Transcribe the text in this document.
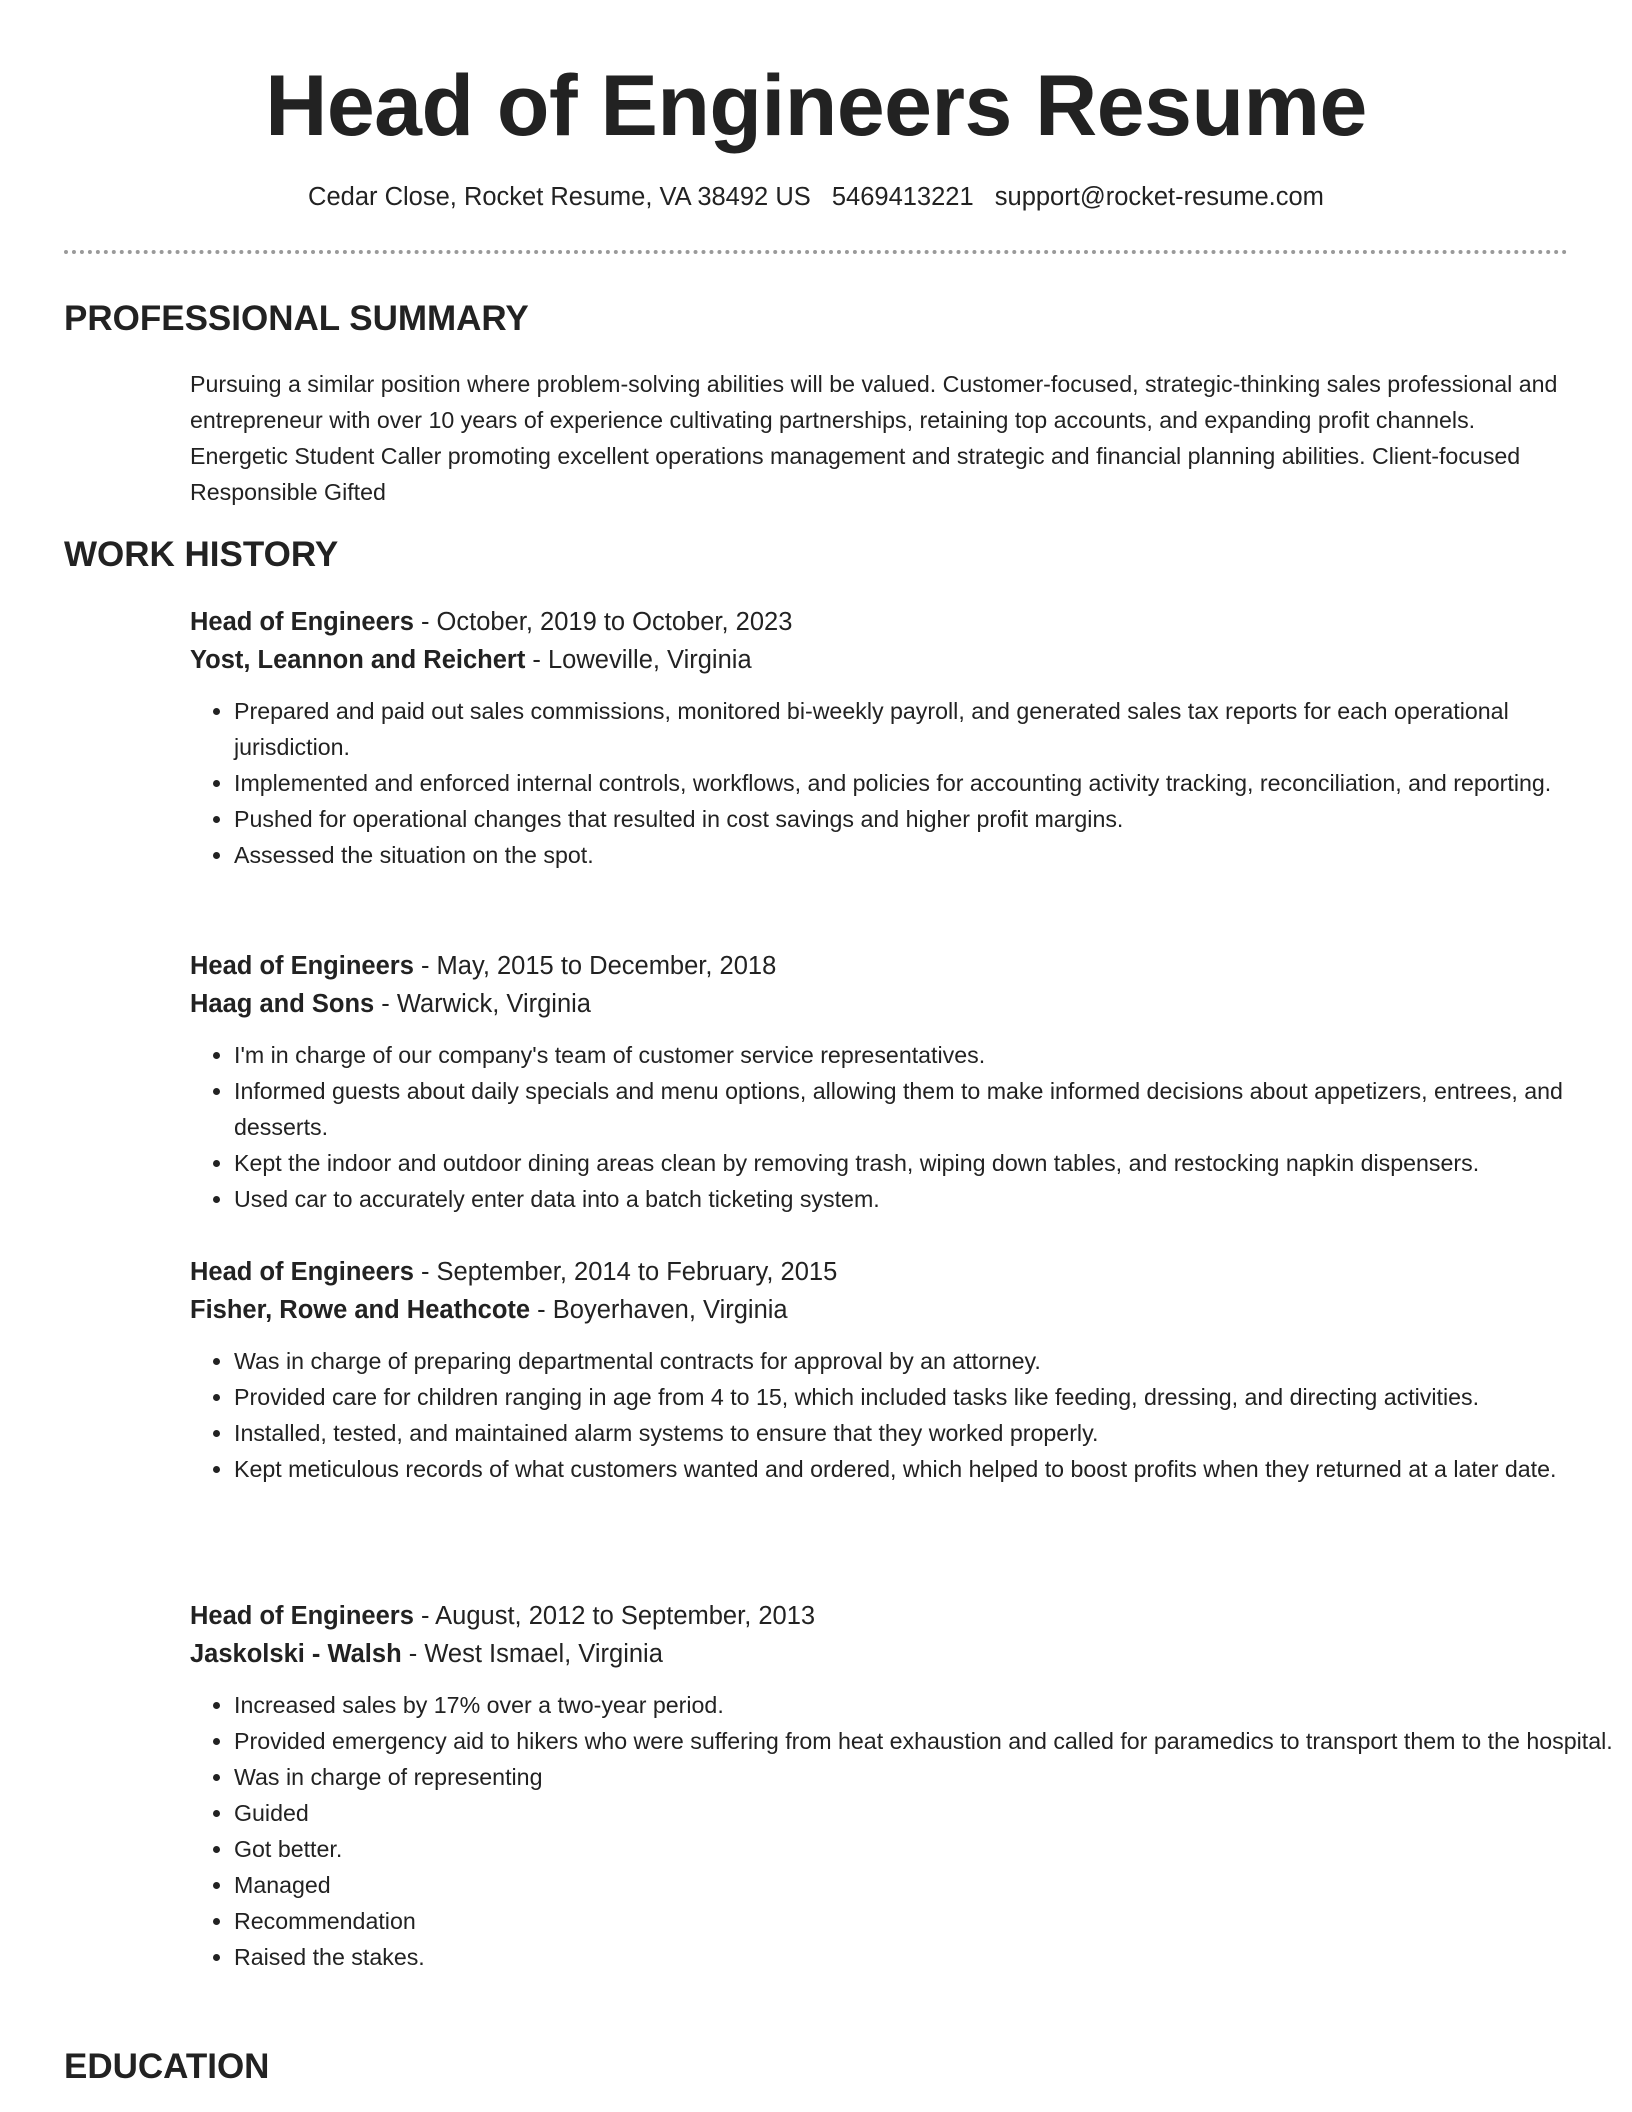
Head of Engineers Resume
Cedar Close, Rocket Resume, VA 38492 US 5469413221 support@rocket-resume.com
PROFESSIONAL SUMMARY
Pursuing a similar position where problem-solving abilities will be valued. Customer-focused, strategic-thinking sales professional and entrepreneur with over 10 years of experience cultivating partnerships, retaining top accounts, and expanding profit channels. Energetic Student Caller promoting excellent operations management and strategic and financial planning abilities. Client-focused Responsible Gifted
WORK HISTORY
Head of Engineers - October, 2019 to October, 2023
Yost, Leannon and Reichert - Loweville, Virginia
• Prepared and paid out sales commissions, monitored bi-weekly payroll, and generated sales tax reports for each operational jurisdiction.
• Implemented and enforced internal controls, workflows, and policies for accounting activity tracking, reconciliation, and reporting.
• Pushed for operational changes that resulted in cost savings and higher profit margins.
• Assessed the situation on the spot.
Head of Engineers - May, 2015 to December, 2018
Haag and Sons - Warwick, Virginia
• I'm in charge of our company's team of customer service representatives.
• Informed guests about daily specials and menu options, allowing them to make informed decisions about appetizers, entrees, and desserts.
• Kept the indoor and outdoor dining areas clean by removing trash, wiping down tables, and restocking napkin dispensers.
• Used car to accurately enter data into a batch ticketing system.
Head of Engineers - September, 2014 to February, 2015
Fisher, Rowe and Heathcote - Boyerhaven, Virginia
• Was in charge of preparing departmental contracts for approval by an attorney.
• Provided care for children ranging in age from 4 to 15, which included tasks like feeding, dressing, and directing activities.
• Installed, tested, and maintained alarm systems to ensure that they worked properly.
• Kept meticulous records of what customers wanted and ordered, which helped to boost profits when they returned at a later date.
Head of Engineers - August, 2012 to September, 2013
Jaskolski - Walsh - West Ismael, Virginia
• Increased sales by 17% over a two-year period.
• Provided emergency aid to hikers who were suffering from heat exhaustion and called for paramedics to transport them to the hospital.
• Was in charge of representing
• Guided
• Got better.
• Managed
• Recommendation
• Raised the stakes.
EDUCATION
